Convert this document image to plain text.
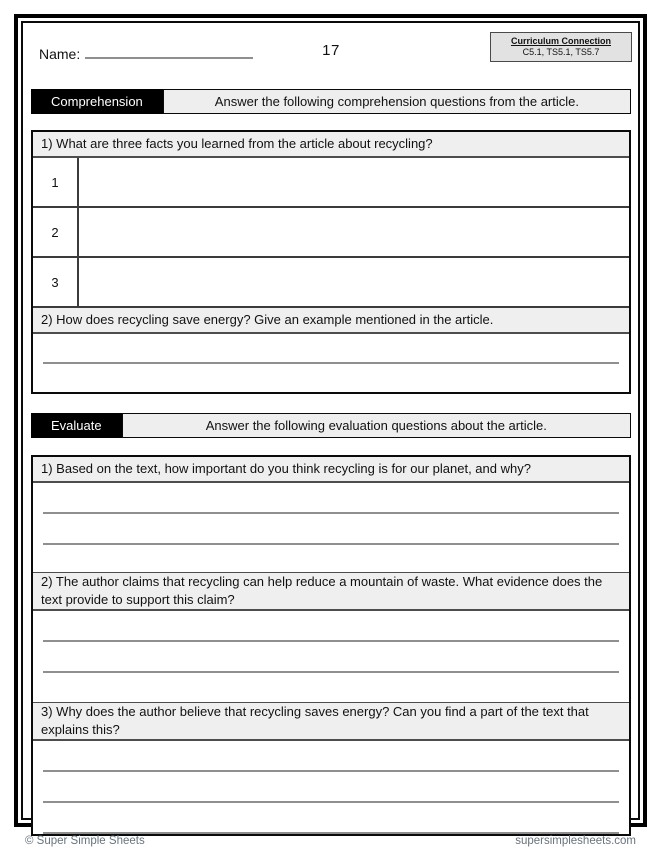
Name:	17
Curriculum Connection
C5.1, TS5.1, TS5.7
Comprehension	Answer the following comprehension questions from the article.
1) What are three facts you learned from the article about recycling?
1
2
3
2) How does recycling save energy? Give an example mentioned in the article.
Evaluate	Answer the following evaluation questions about the article.
1) Based on the text, how important do you think recycling is for our planet, and why?
2) The author claims that recycling can help reduce a mountain of waste. What evidence does the text provide to support this claim?
3) Why does the author believe that recycling saves energy? Can you find a part of the text that explains this?
© Super Simple Sheets	supersimplesheets.com
